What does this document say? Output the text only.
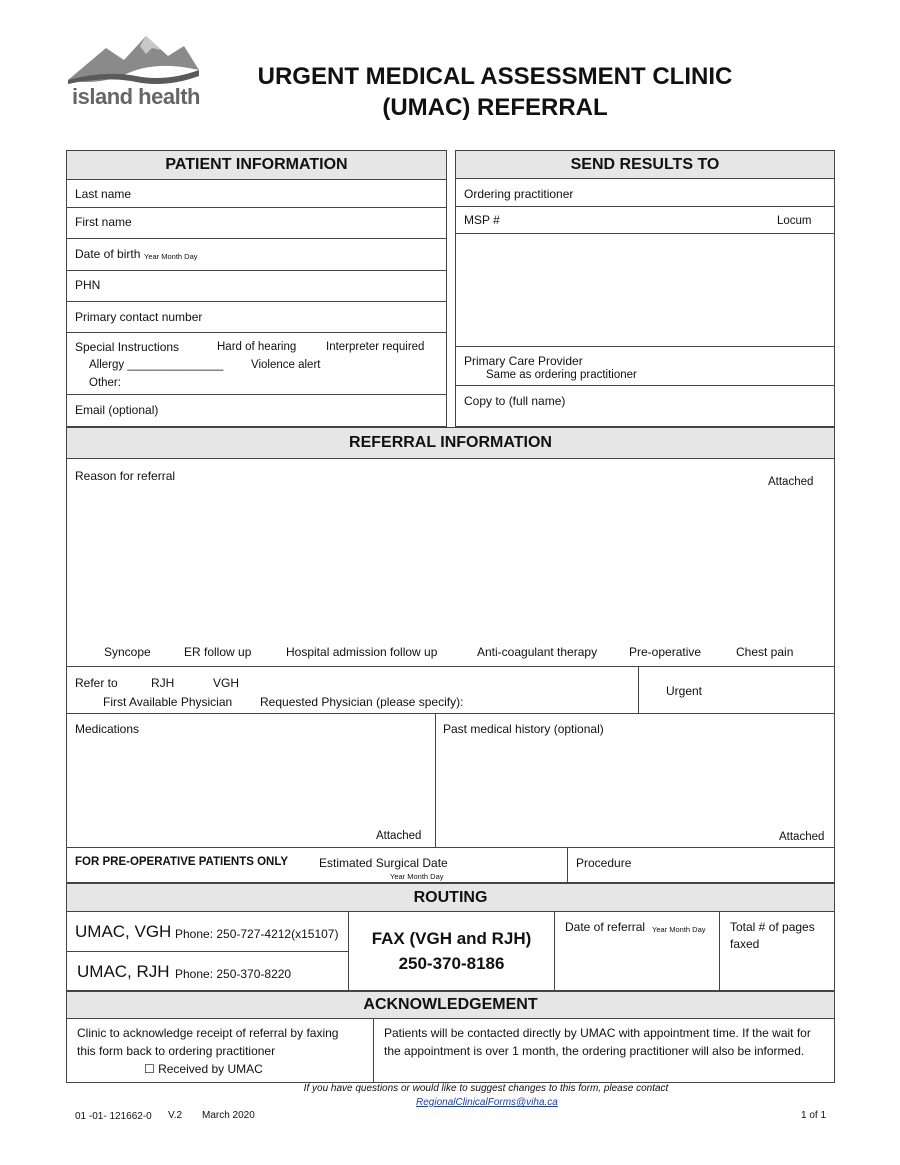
island health
URGENT MEDICAL ASSESSMENT CLINIC
(UMAC) REFERRAL
PATIENT INFORMATION
Last name
First name
Date of birth Year Month Day
PHN
Primary contact number
Special Instructions	Hard of hearing	Interpreter required
Allergy _______________ Violence alert
Other:
Email (optional)
SEND RESULTS TO
Ordering practitioner
MSP #	Locum
Primary Care Provider
Same as ordering practitioner
Copy to (full name)
REFERRAL INFORMATION
Reason for referral	Attached
Syncope	ER follow up	Hospital admission follow up	Anti-coagulant therapy	Pre-operative	Chest pain
Refer to	RJH	VGH
First Available Physician Requested Physician (please specify):
Urgent
Medications
Attached
Past medical history (optional)
Attached
FOR PRE-OPERATIVE PATIENTS ONLY	Estimated Surgical Date
Year Month Day
Procedure
ROUTING
UMAC, VGH Phone: 250-727-4212(x15107)
UMAC, RJH Phone: 250-370-8220
FAX (VGH and RJH)
250-370-8186
Date of referral Year Month Day Total # of pages
faxed
ACKNOWLEDGEMENT
Clinic to acknowledge receipt of referral by faxing
this form back to ordering practitioner
☐ Received by UMAC
Patients will be contacted directly by UMAC with appointment time. If the wait for
the appointment is over 1 month, the ordering practitioner will also be informed.
If you have questions or would like to suggest changes to this form, please contact
RegionalClinicalForms@viha.ca
01 -01- 121662-0 V.2 March 2020	1 of 1
